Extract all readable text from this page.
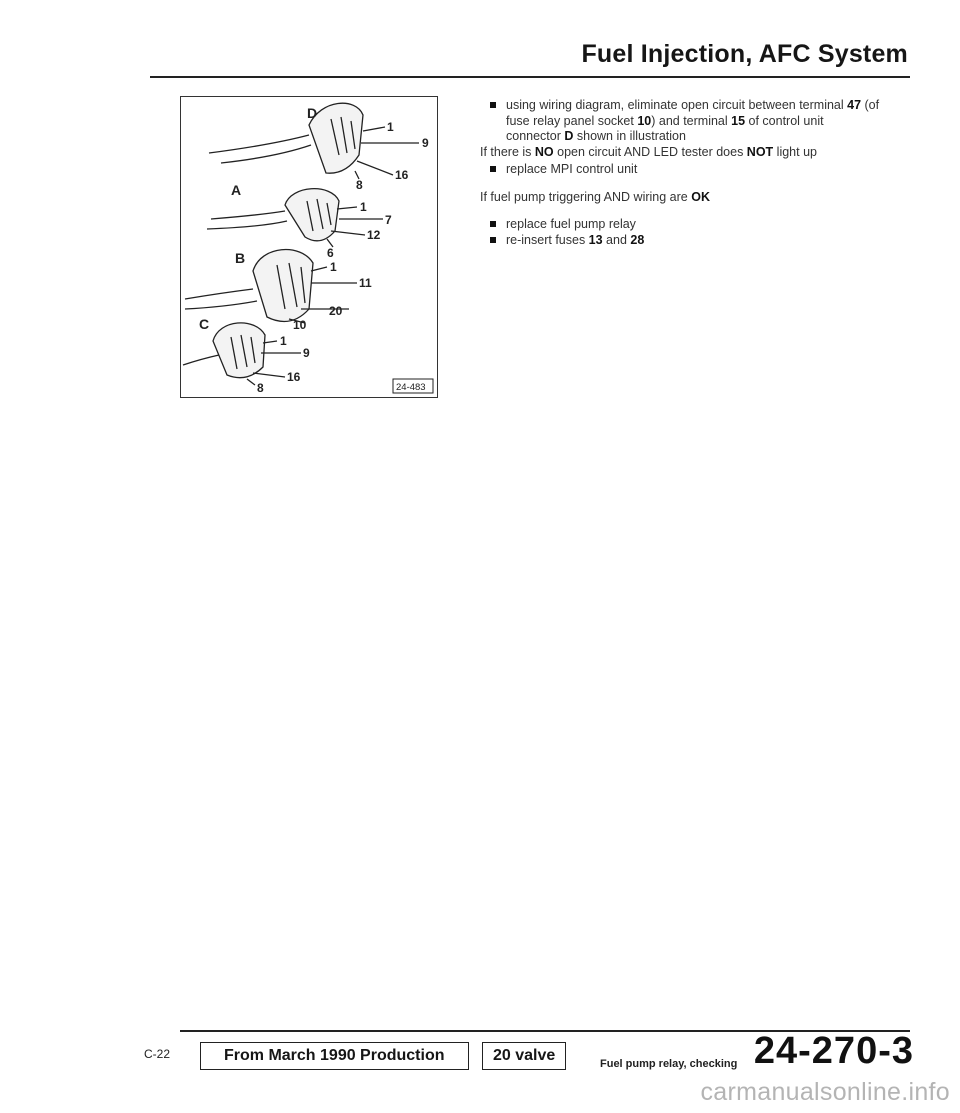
Fuel Injection, AFC System
D
1
9
8
16
A
1
7
6
12
B
1
11
10
20
C
1
9
8
16
24-483

using wiring diagram, eliminate open circuit between terminal 47 (of fuse relay panel socket 10) and terminal 15 of control unit connector D shown in illustration

If there is NO open circuit AND LED tester does NOT light up

replace MPI control unit

If fuel pump triggering AND wiring are OK

replace fuel pump relay

re-insert fuses 13 and 28

C-22	From March 1990 Production	20 valve	Fuel pump relay, checking 24-270-3
carmanualsonline.info
